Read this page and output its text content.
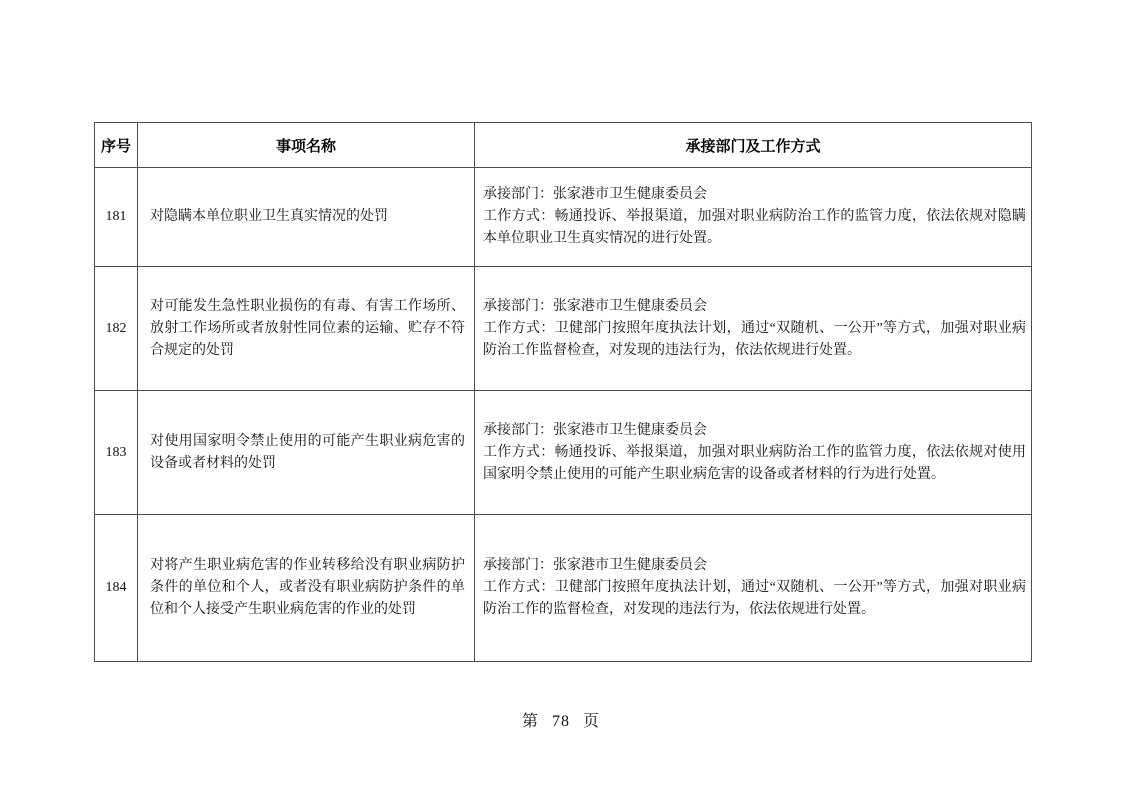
序号	事项名称	承接部门及工作方式
181	对隐瞒本单位职业卫生真实情况的处罚	承接部门：张家港市卫生健康委员会
工作方式：畅通投诉、举报渠道，加强对职业病防治工作的监管力度，依法依规对隐瞒本单位职业卫生真实情况的进行处置。

182	对可能发生急性职业损伤的有毒、有害工作场所、放射工作场所或者放射性同位素的运输、贮存不符合规定的处罚	承接部门：张家港市卫生健康委员会
工作方式：卫健部门按照年度执法计划，通过“双随机、一公开”等方式，加强对职业病防治工作监督检查，对发现的违法行为，依法依规进行处置。

183	对使用国家明令禁止使用的可能产生职业病危害的设备或者材料的处罚	承接部门：张家港市卫生健康委员会
工作方式：畅通投诉、举报渠道，加强对职业病防治工作的监管力度，依法依规对使用国家明令禁止使用的可能产生职业病危害的设备或者材料的行为进行处置。

184	对将产生职业病危害的作业转移给没有职业病防护条件的单位和个人，或者没有职业病防护条件的单位和个人接受产生职业病危害的作业的处罚	承接部门：张家港市卫生健康委员会
工作方式：卫健部门按照年度执法计划，通过“双随机、一公开”等方式，加强对职业病防治工作的监督检查，对发现的违法行为，依法依规进行处置。
第 78 页
